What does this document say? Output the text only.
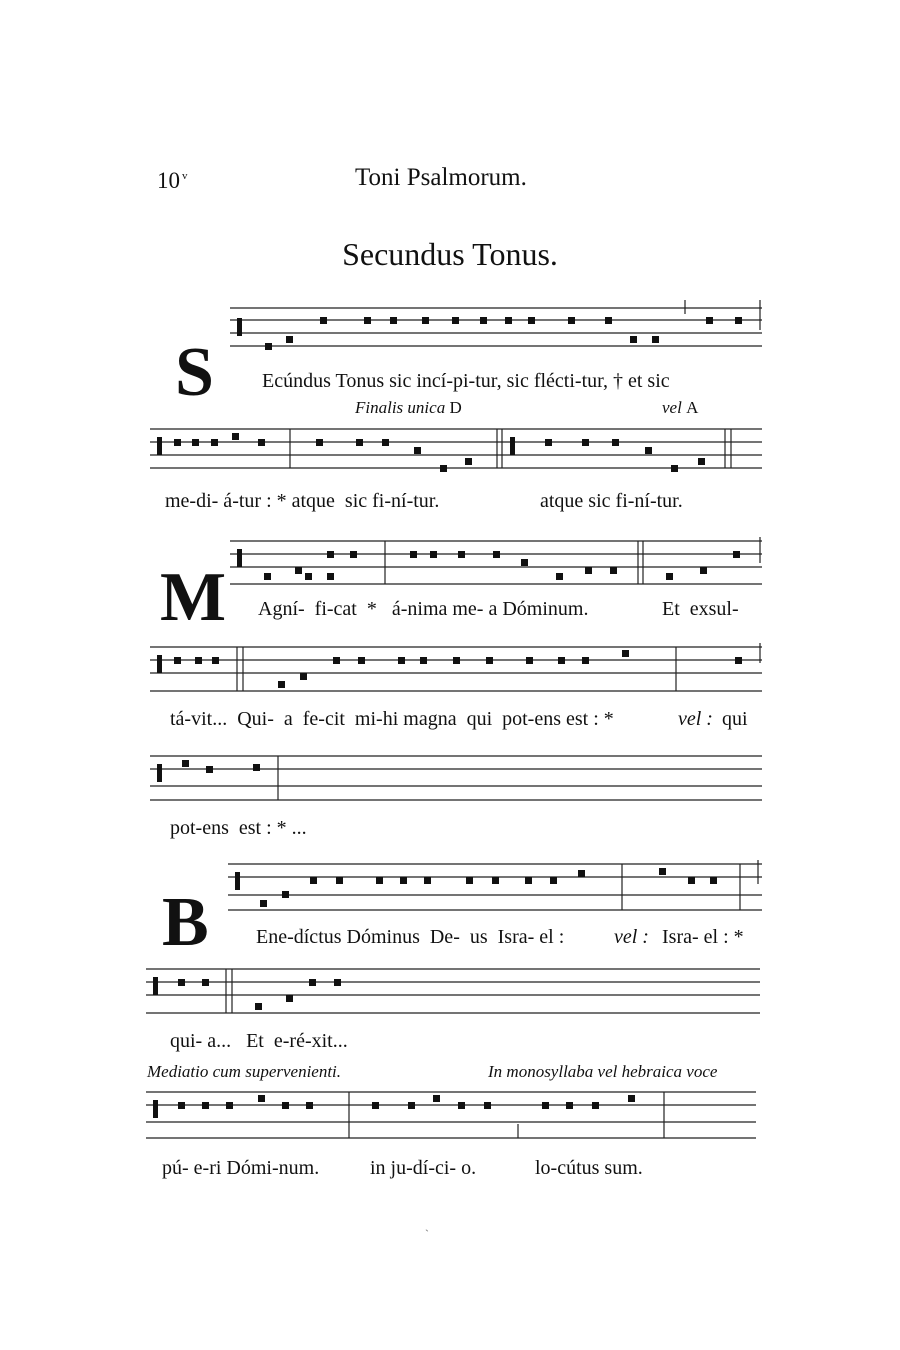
10 $^v$	Toni Psalmorum.
Secundus Tonus.
S Ecúndus Tonus sic incí-pi-tur, sic flécti-tur, † et sic
Finalis unica D	vel A
me-di- á-tur : * atque  sic fi-ní-tur.	atque sic fi-ní-tur.
M Agní-  fi-cat  *   á-nima me- a Dóminum.	Et  exsul-
tá-vit...  Qui-  a  fe-cit  mi-hi magna  qui  pot-ens est : *	vel : qui
pot-ens  est : * ...
B Ene-díctus Dóminus  De-  us  Isra- el : vel : Isra- el : *
qui- a...   Et  e-ré-xit...
Mediatio cum supervenienti.	In monosyllaba vel hebraica voce
pú- e-ri Dómi-num.	in ju-dí-ci- o.	lo-cútus sum.
ˎ
